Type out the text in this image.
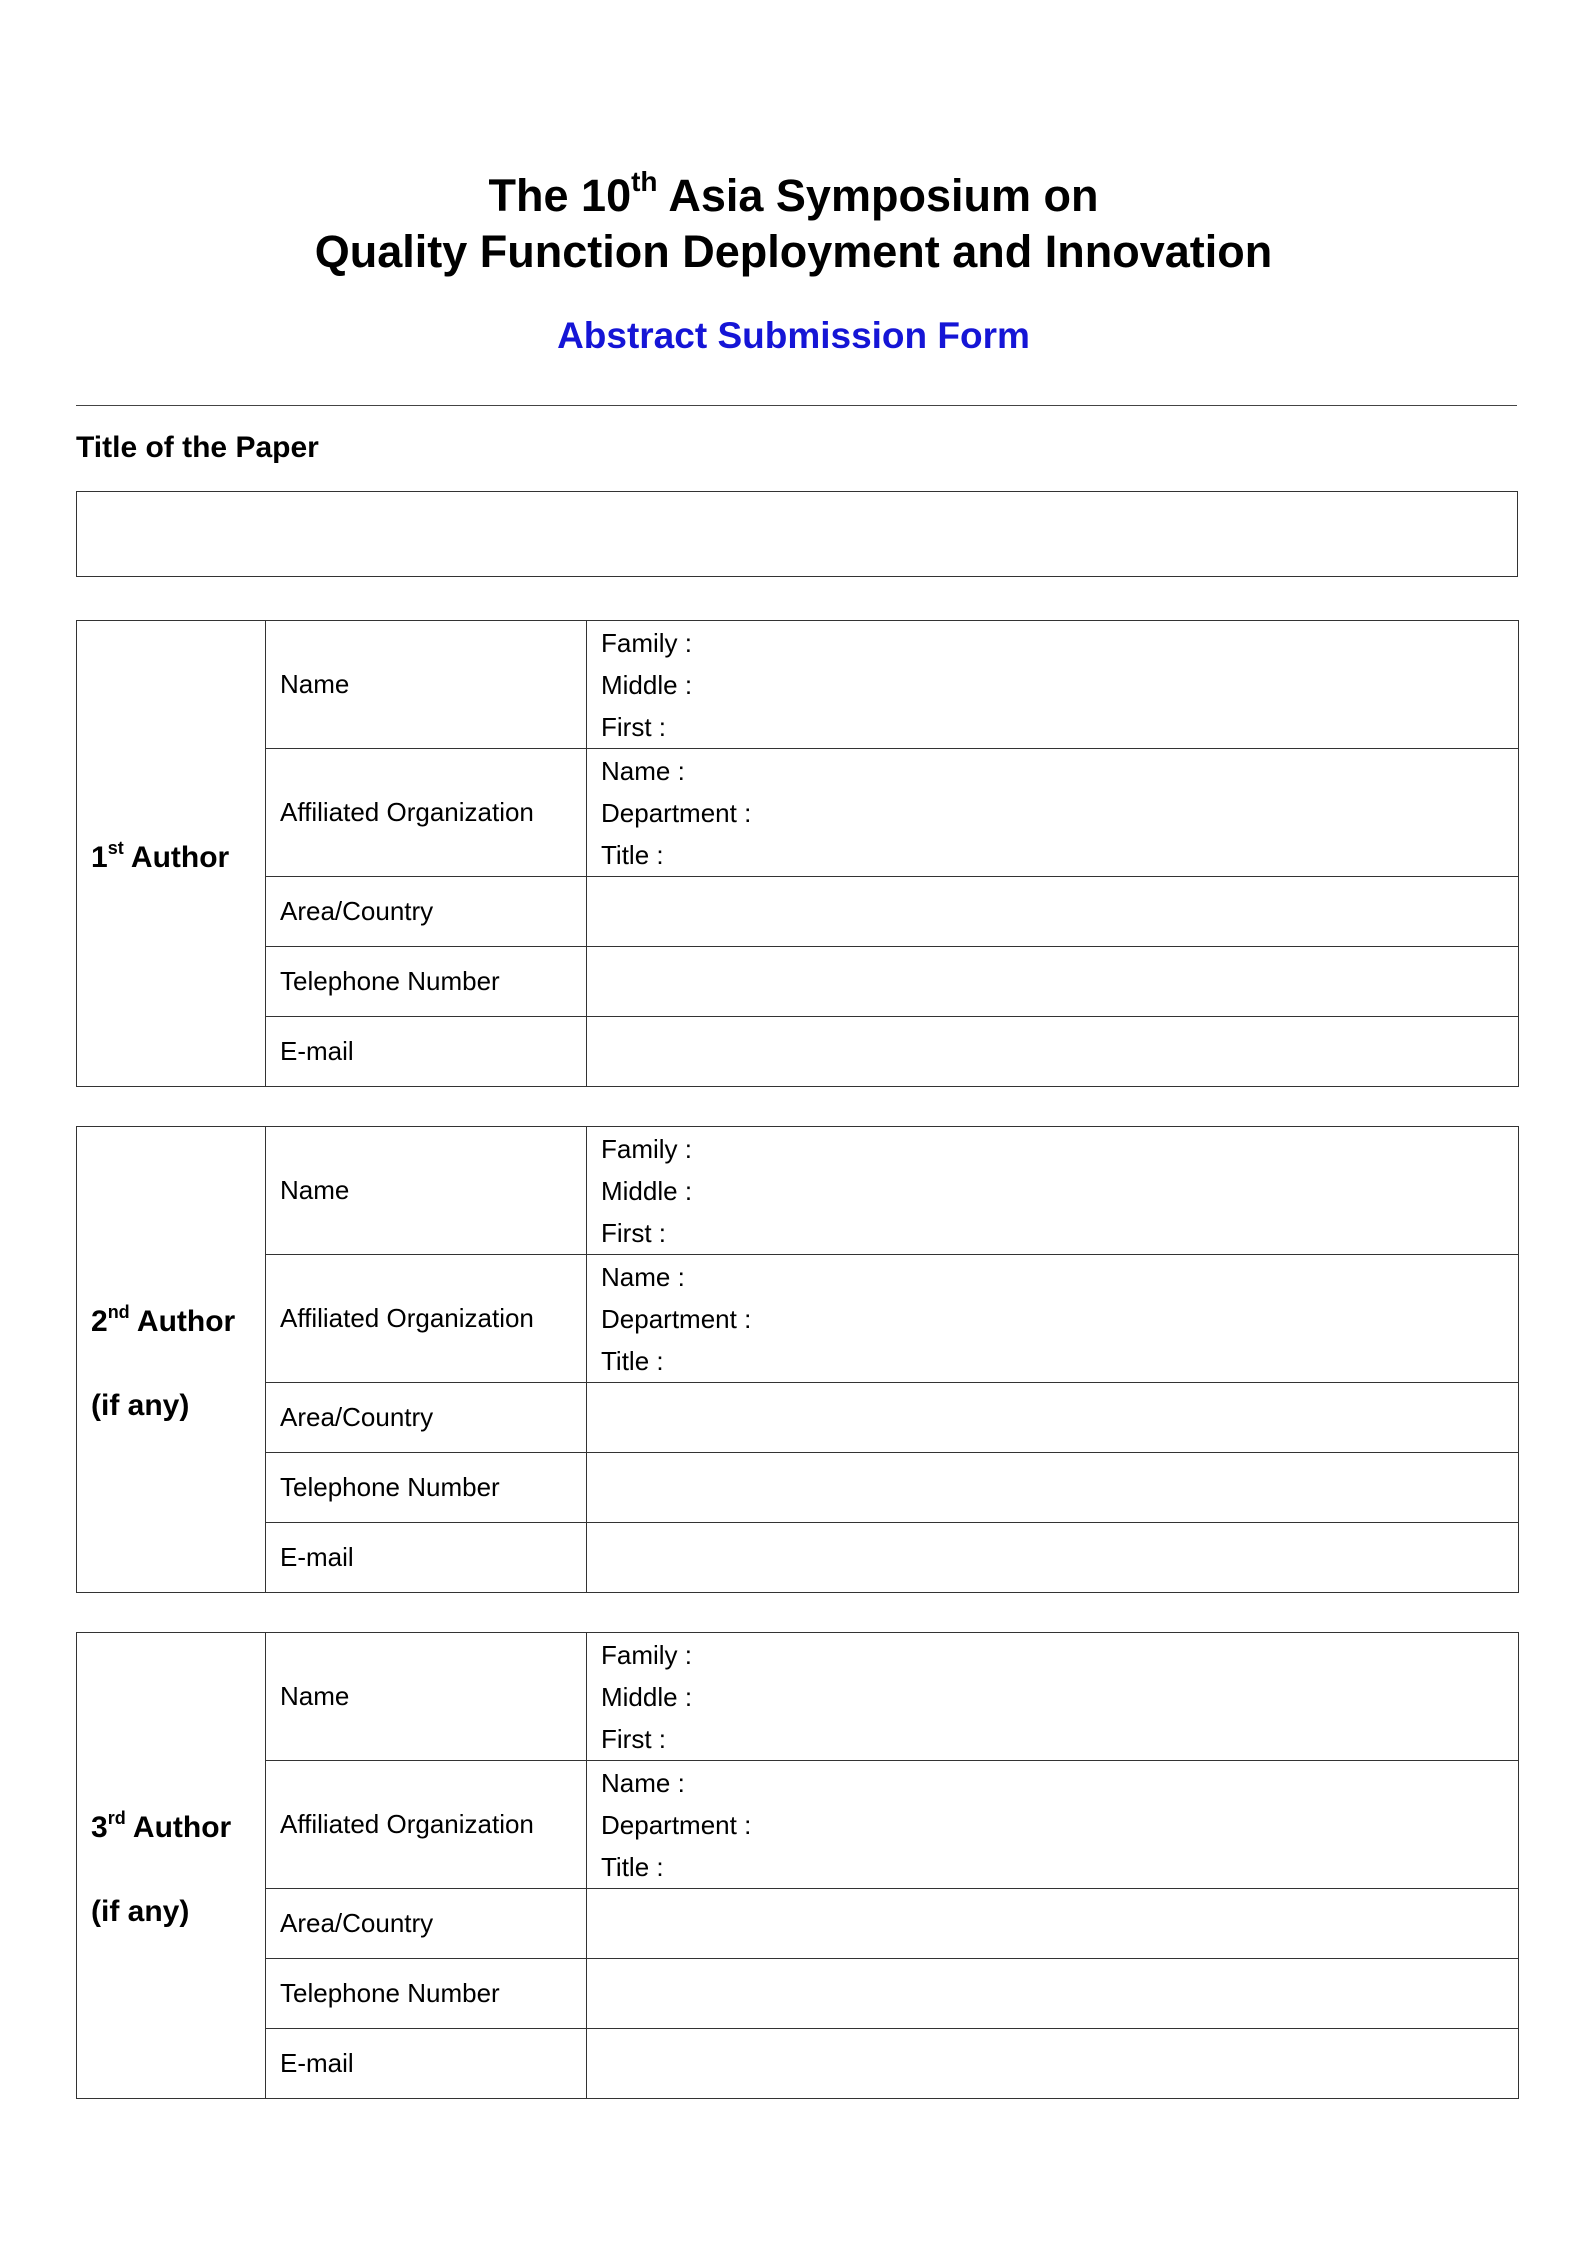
The 10th Asia Symposium on
Quality Function Deployment and Innovation
Abstract Submission Form
Title of the Paper
1st Author	Name	Family :
Middle :
First :

	Affiliated Organization	Name :
Department :
Title :

	Area/Country	
	Telephone Number	
	E-mail	
2nd Author
(if any)	Name	Family :
Middle :
First :

	Affiliated Organization	Name :
Department :
Title :

	Area/Country	
	Telephone Number	
	E-mail	
3rd Author
(if any)	Name	Family :
Middle :
First :

	Affiliated Organization	Name :
Department :
Title :

	Area/Country	
	Telephone Number	
	E-mail	
